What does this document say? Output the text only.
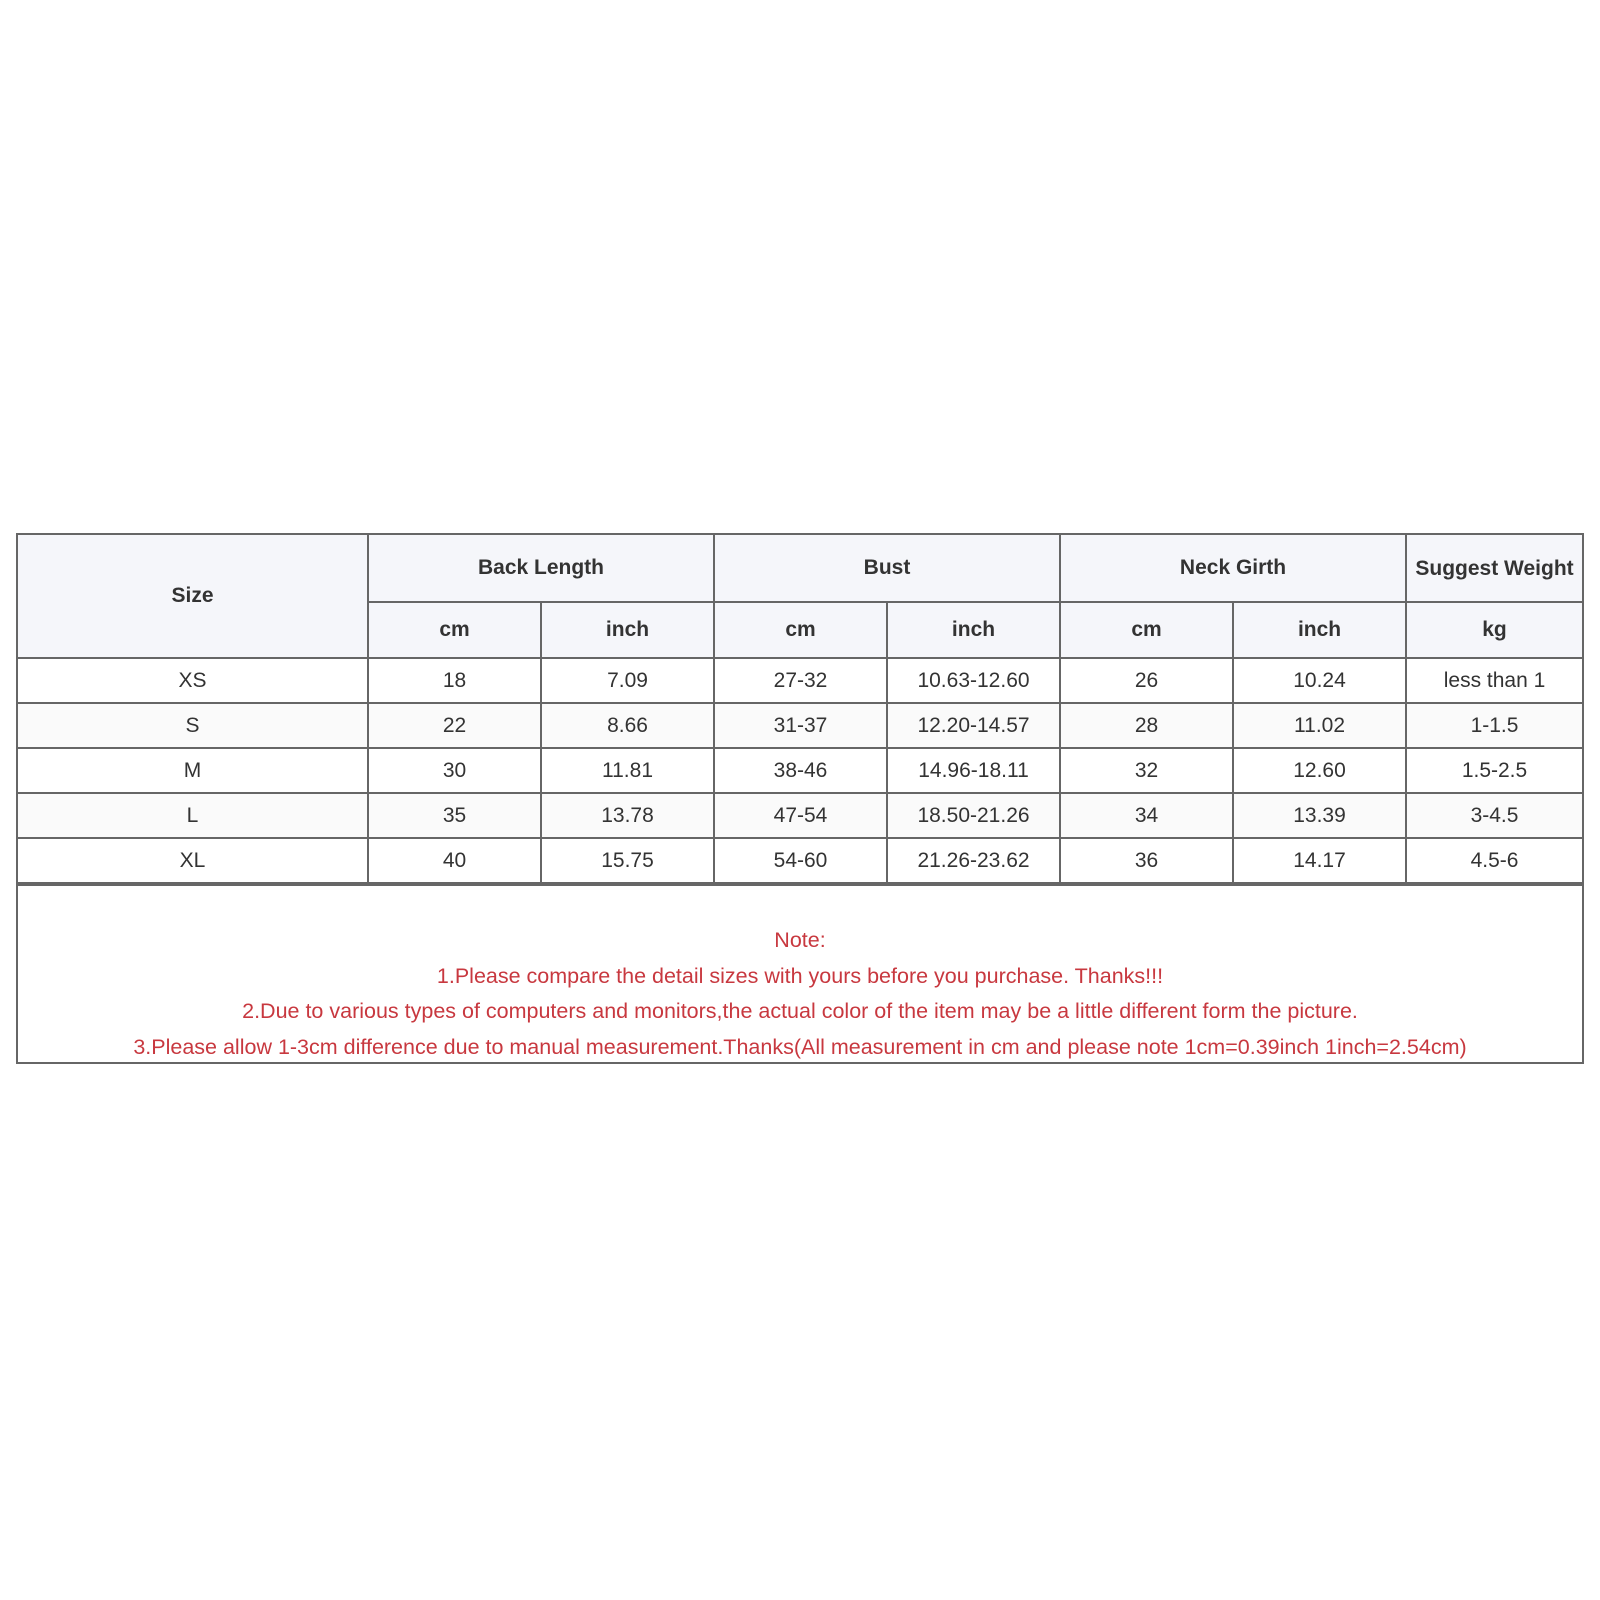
Size	Back Length		Bust		Neck Girth		Suggest Weight
	cm	inch	cm	inch	cm	inch	kg
XS	18	7.09	27-32	10.63-12.60	26	10.24	less than 1
S	22	8.66	31-37	12.20-14.57	28	11.02	1-1.5
M	30	11.81	38-46	14.96-18.11	32	12.60	1.5-2.5
L	35	13.78	47-54	18.50-21.26	34	13.39	3-4.5
XL	40	15.75	54-60	21.26-23.62	36	14.17	4.5-6
Note:
1.Please compare the detail sizes with yours before you purchase. Thanks!!!
2.Due to various types of computers and monitors,the actual color of the item may be a little different form the picture.
3.Please allow 1-3cm difference due to manual measurement.Thanks(All measurement in cm and please note 1cm=0.39inch 1inch=2.54cm)
